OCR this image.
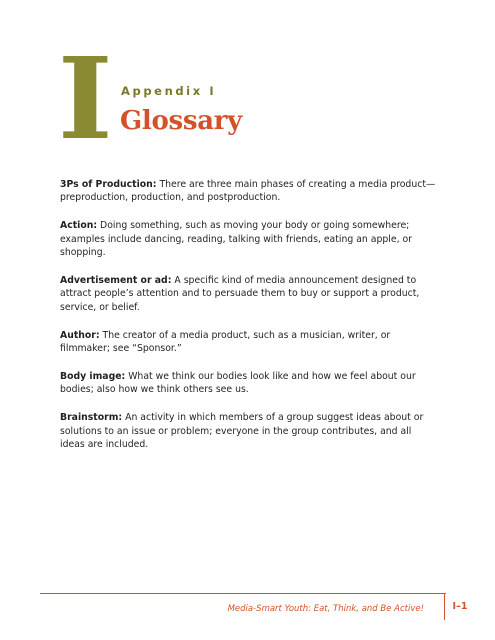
I Appendix I
Glossary

3Ps of Production: There are three main phases of creating a media product—preproduction, production, and postproduction.

Action: Doing something, such as moving your body or going somewhere; examples include dancing, reading, talking with friends, eating an apple, or shopping.

Advertisement or ad: A specific kind of media announcement designed to attract people’s attention and to persuade them to buy or support a product, service, or belief.

Author: The creator of a media product, such as a musician, writer, or filmmaker; see “Sponsor.”

Body image: What we think our bodies look like and how we feel about our bodies; also how we think others see us.

Brainstorm: An activity in which members of a group suggest ideas about or solutions to an issue or problem; everyone in the group contributes, and all ideas are included.

Media-Smart Youth: Eat, Think, and Be Active!	I–1
